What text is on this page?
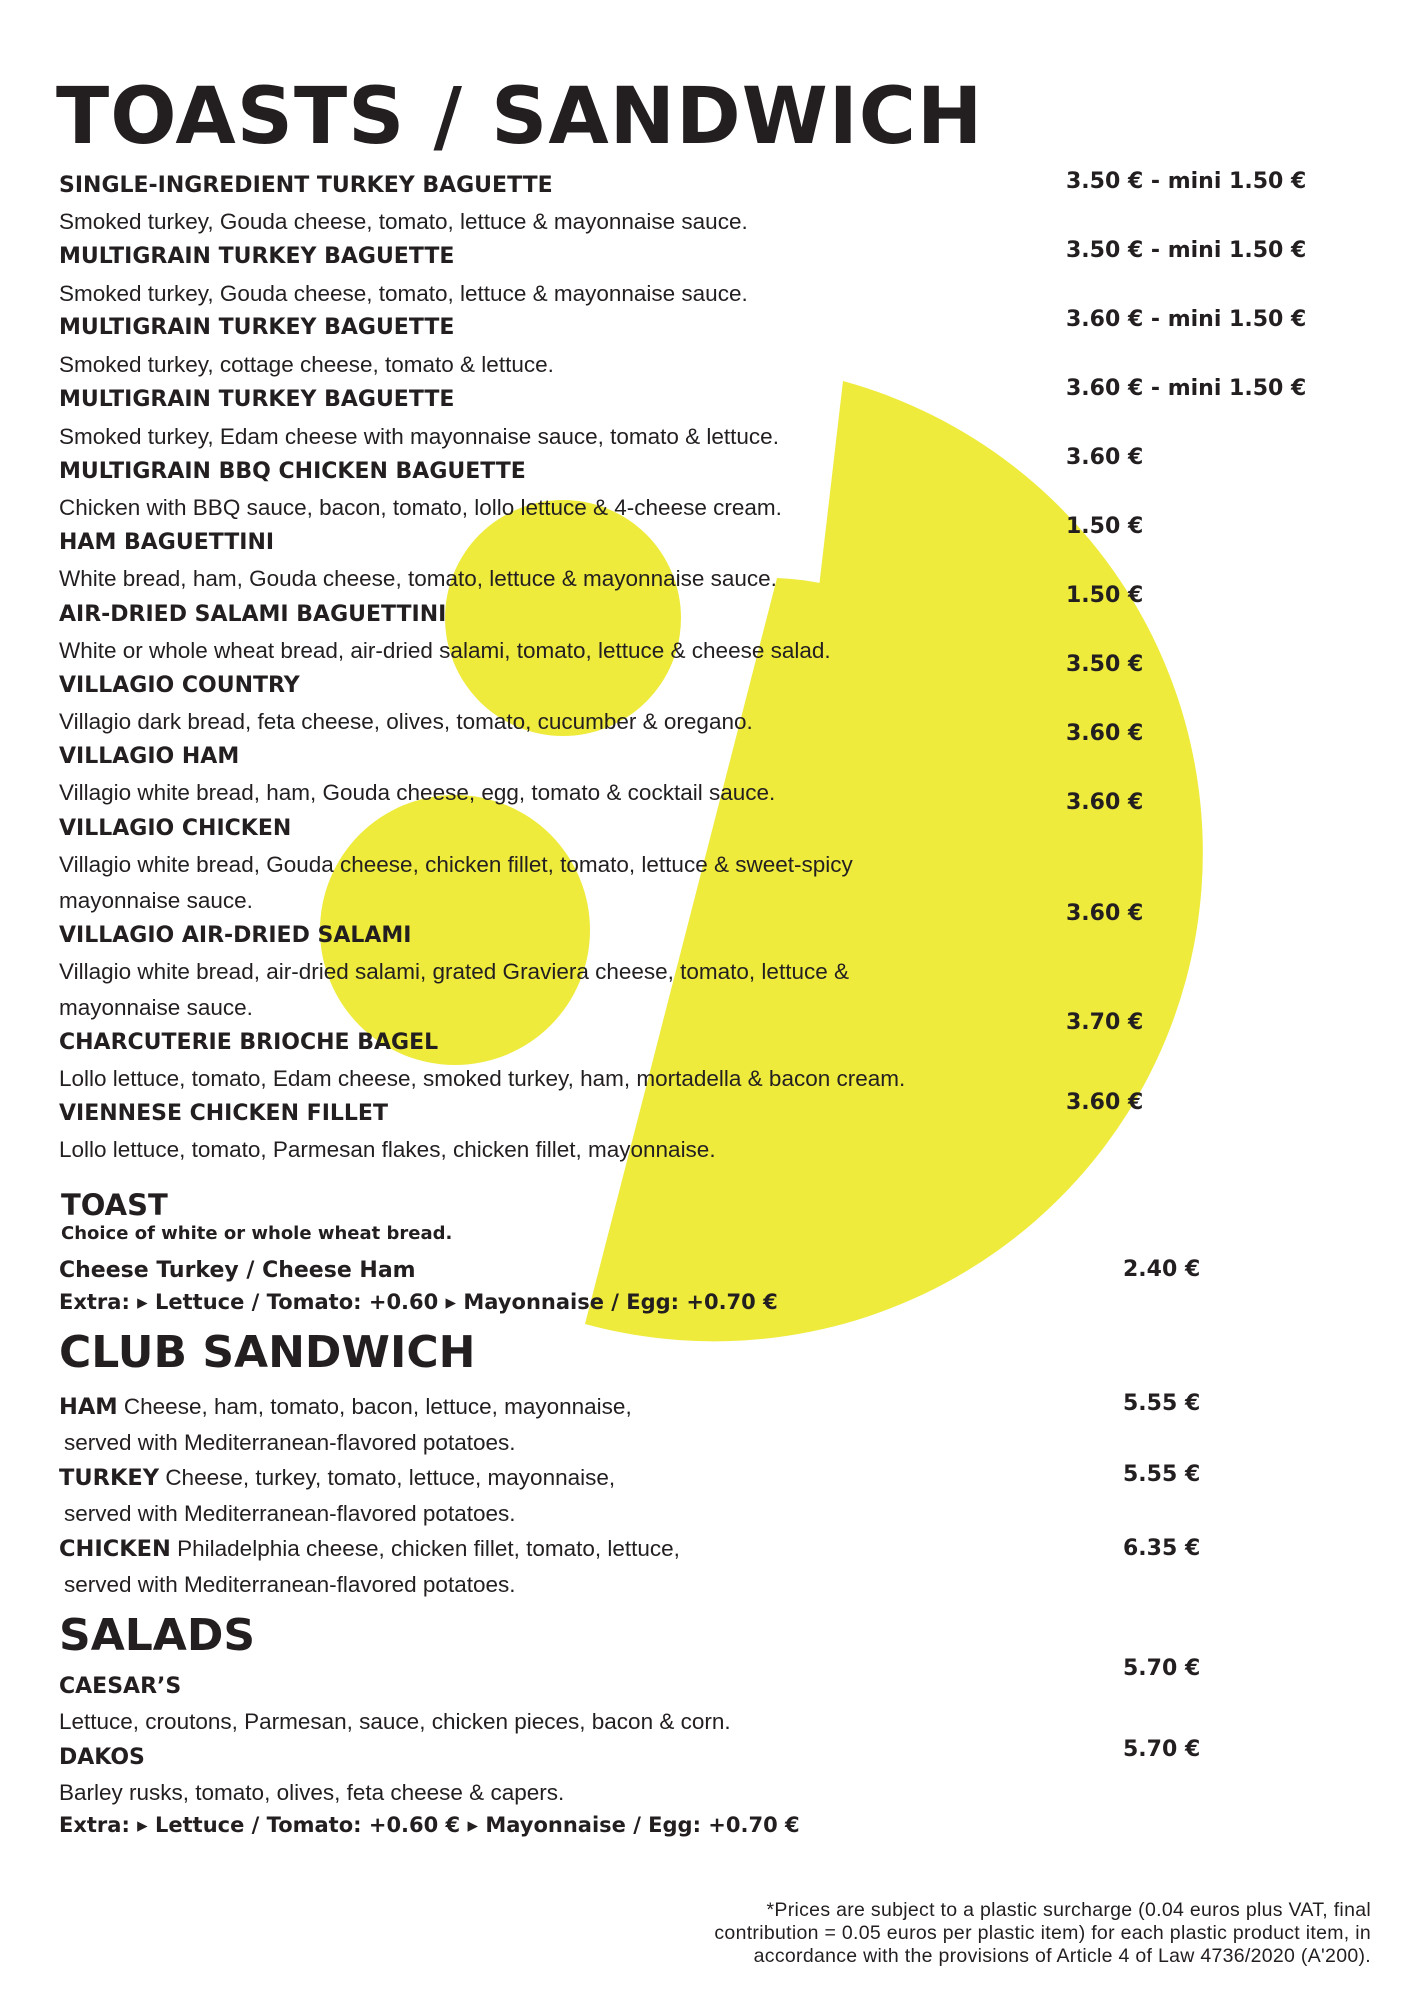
TOASTS / SANDWICH
SINGLE-INGREDIENT TURKEY BAGUETTE
Smoked turkey, Gouda cheese, tomato, lettuce & mayonnaise sauce.
3.50 € - mini 1.50 €
MULTIGRAIN TURKEY BAGUETTE
Smoked turkey, Gouda cheese, tomato, lettuce & mayonnaise sauce.
3.50 € - mini 1.50 €
MULTIGRAIN TURKEY BAGUETTE
Smoked turkey, cottage cheese, tomato & lettuce.
3.60 € - mini 1.50 €
MULTIGRAIN TURKEY BAGUETTE
Smoked turkey, Edam cheese with mayonnaise sauce, tomato & lettuce.
3.60 € - mini 1.50 €
MULTIGRAIN BBQ CHICKEN BAGUETTE
Chicken with BBQ sauce, bacon, tomato, lollo lettuce & 4-cheese cream.
3.60 €
HAM BAGUETTINI
White bread, ham, Gouda cheese, tomato, lettuce & mayonnaise sauce.
1.50 €
AIR-DRIED SALAMI BAGUETTINI
White or whole wheat bread, air-dried salami, tomato, lettuce & cheese salad.
1.50 €
VILLAGIO COUNTRY
Villagio dark bread, feta cheese, olives, tomato, cucumber & oregano.
3.50 €
VILLAGIO HAM
Villagio white bread, ham, Gouda cheese, egg, tomato & cocktail sauce.
3.60 €
VILLAGIO CHICKEN
Villagio white bread, Gouda cheese, chicken fillet, tomato, lettuce & sweet-spicy
mayonnaise sauce.
3.60 €
VILLAGIO AIR-DRIED SALAMI
Villagio white bread, air-dried salami, grated Graviera cheese, tomato, lettuce &
mayonnaise sauce.
3.60 €
CHARCUTERIE BRIOCHE BAGEL
Lollo lettuce, tomato, Edam cheese, smoked turkey, ham, mortadella & bacon cream.
3.70 €
VIENNESE CHICKEN FILLET
Lollo lettuce, tomato, Parmesan flakes, chicken fillet, mayonnaise.
3.60 €
TOAST
Choice of white or whole wheat bread.
Cheese Turkey / Cheese Ham	2.40 €
Extra: ▸ Lettuce / Tomato: +0.60 ▸ Mayonnaise / Egg: +0.70 €
CLUB SANDWICH
HAM Cheese, ham, tomato, bacon, lettuce, mayonnaise,
served with Mediterranean-flavored potatoes.
5.55 €
TURKEY Cheese, turkey, tomato, lettuce, mayonnaise,
served with Mediterranean-flavored potatoes.
5.55 €
CHICKEN Philadelphia cheese, chicken fillet, tomato, lettuce,
served with Mediterranean-flavored potatoes.
6.35 €
SALADS
CAESAR’S
Lettuce, croutons, Parmesan, sauce, chicken pieces, bacon & corn.
5.70 €
DAKOS
Barley rusks, tomato, olives, feta cheese & capers.
5.70 €
Extra: ▸ Lettuce / Tomato: +0.60 € ▸ Mayonnaise / Egg: +0.70 €
*Prices are subject to a plastic surcharge (0.04 euros plus VAT, final
contribution = 0.05 euros per plastic item) for each plastic product item, in
accordance with the provisions of Article 4 of Law 4736/2020 (A'200).
